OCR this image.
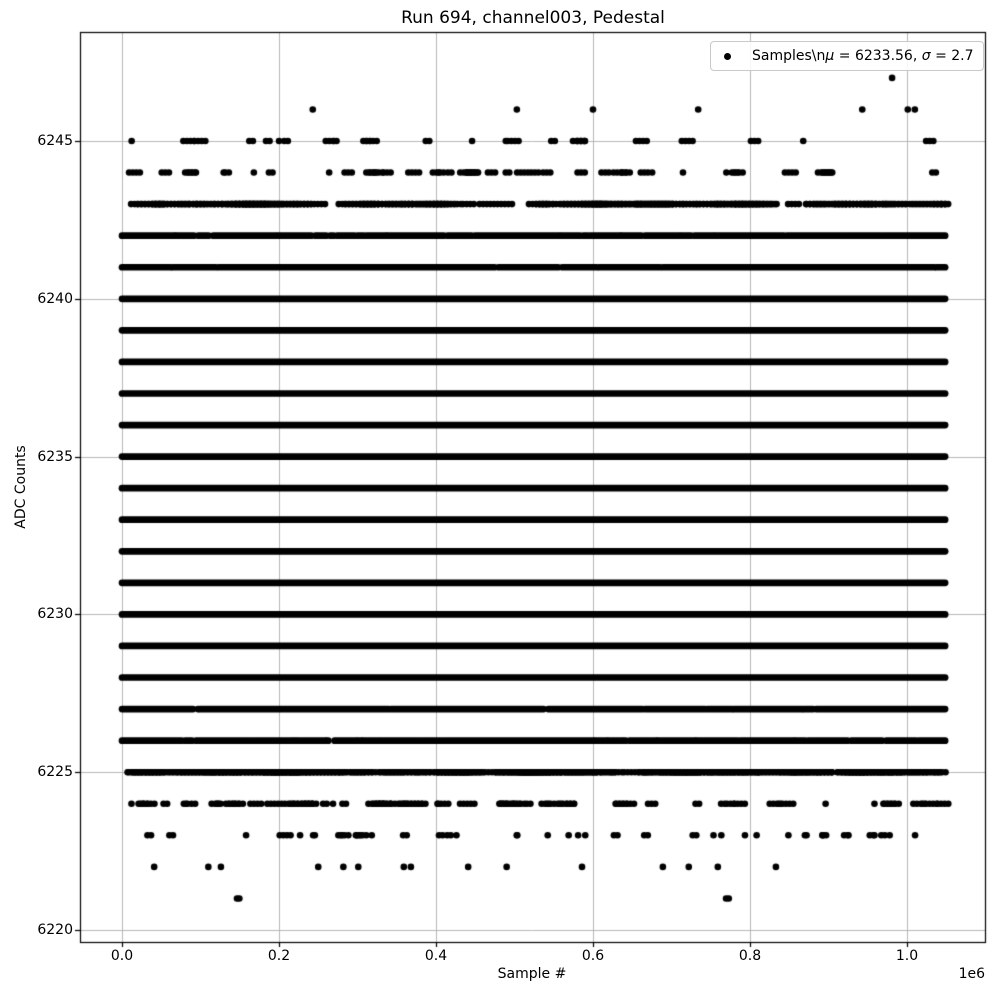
Run 694, channel003, Pedestal
ADC Counts
Sample #	1e6
6220
6225
6230
6235
6240
6245
0.0	0.2	0.4	0.6	0.8	1.0
Samples\nμ = 6233.56, σ = 2.7
